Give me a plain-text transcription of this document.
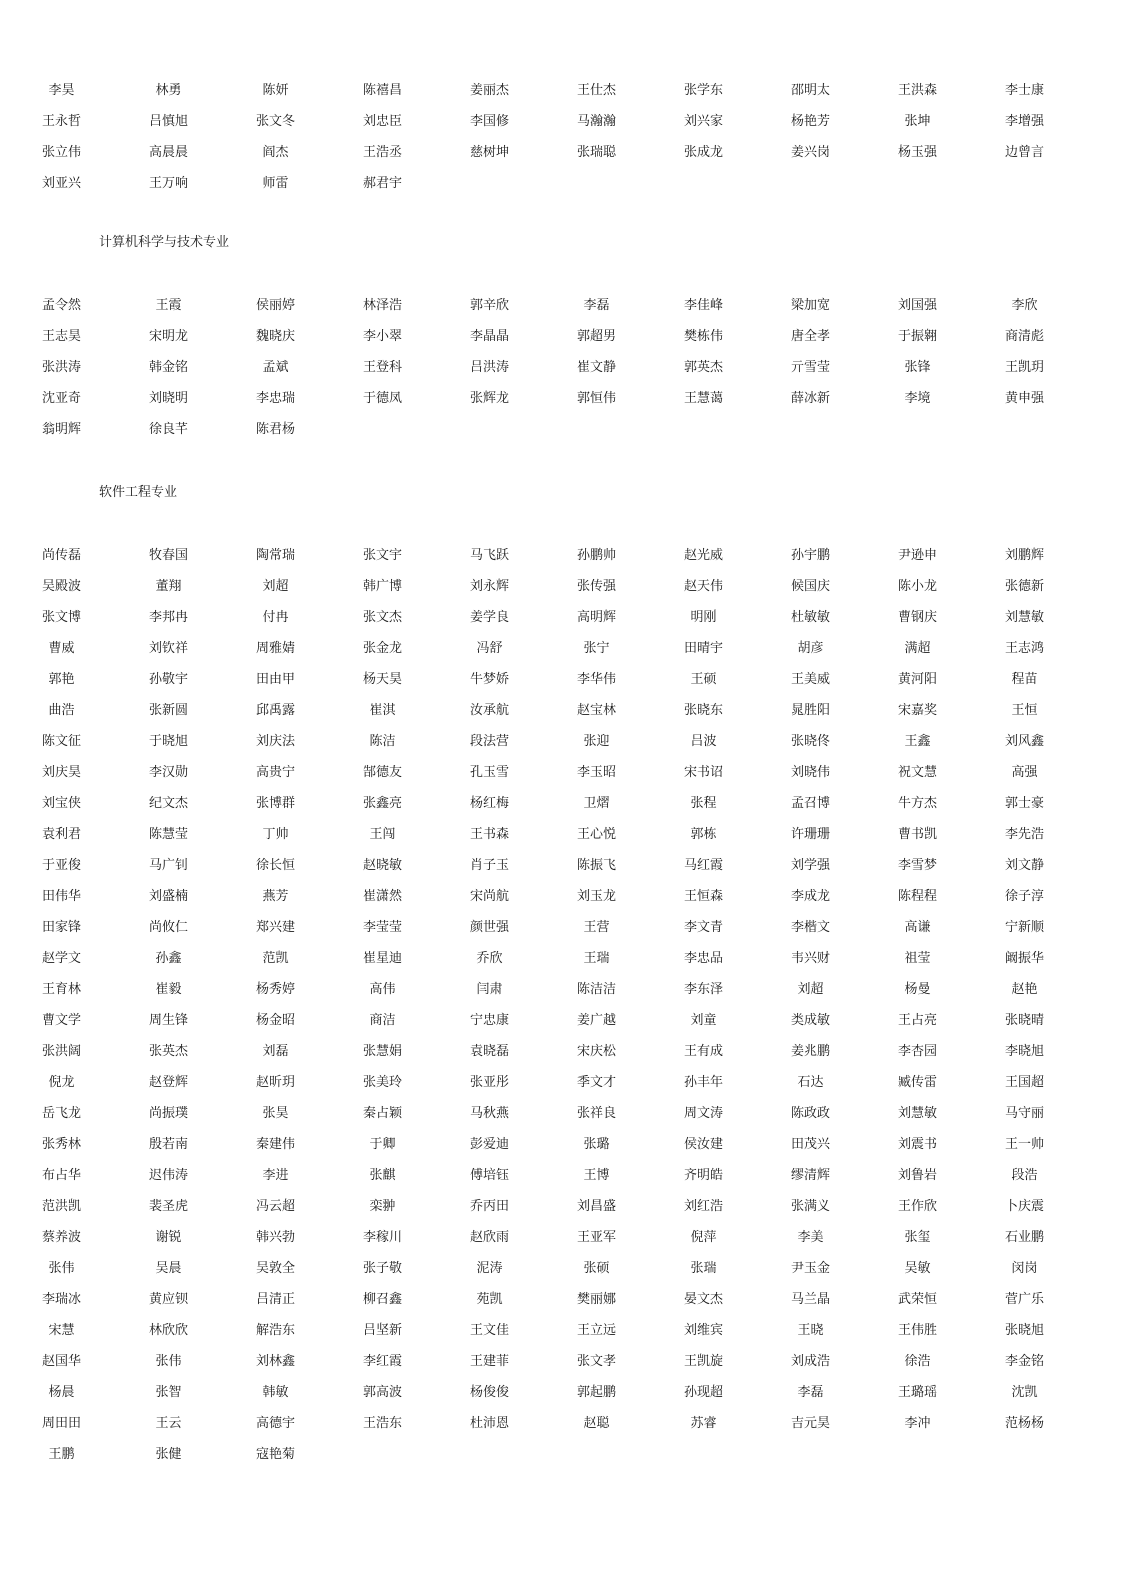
李昊	林勇	陈妍	陈禧昌	姜丽杰	王仕杰	张学东	邵明太	王洪森	李士康
王永哲	吕慎旭	张文冬	刘忠臣	李国修	马瀚瀚	刘兴家	杨艳芳	张坤	李增强
张立伟	高晨晨	阎杰	王浩丞	慈树坤	张瑞聪	张成龙	姜兴岗	杨玉强	边曾言
刘亚兴	王万响	师雷	郝君宇
计算机科学与技术专业
孟令然	王霞	侯丽婷	林泽浩	郭辛欣	李磊	李佳峰	梁加宽	刘国强	李欣
王志昊	宋明龙	魏晓庆	李小翠	李晶晶	郭超男	樊栋伟	唐全孝	于振翱	商清彪
张洪涛	韩金铭	孟斌	王登科	吕洪涛	崔文静	郭英杰	亓雪莹	张锋	王凯玥
沈亚奇	刘晓明	李忠瑞	于德凤	张辉龙	郭恒伟	王慧蔼	薛冰新	李境	黄申强
翁明辉	徐良芊	陈君杨
软件工程专业
尚传磊	牧春国	陶常瑞	张文宇	马飞跃	孙鹏帅	赵光威	孙宇鹏	尹逊申	刘鹏辉
吴殿波	董翔	刘超	韩广博	刘永辉	张传强	赵天伟	候国庆	陈小龙	张德新
张文博	李邦冉	付冉	张文杰	姜学良	高明辉	明刚	杜敏敏	曹钢庆	刘慧敏
曹威	刘钦祥	周雅婧	张金龙	冯舒	张宁	田晴宇	胡彦	满超	王志鸿
郭艳	孙敬宇	田由甲	杨天昊	牛梦娇	李华伟	王硕	王美威	黄河阳	程苗
曲浩	张新圆	邱禹露	崔淇	汝承航	赵宝林	张晓东	晁胜阳	宋嘉奖	王恒
陈文征	于晓旭	刘庆法	陈洁	段法营	张迎	吕波	张晓佟	王鑫	刘风鑫
刘庆昊	李汉勋	高贵宁	郜德友	孔玉雪	李玉昭	宋书诏	刘晓伟	祝文慧	高强
刘宝侠	纪文杰	张博群	张鑫亮	杨红梅	卫熠	张程	孟召博	牛方杰	郭士豪
袁利君	陈慧莹	丁帅	王闯	王书森	王心悦	郭栋	许珊珊	曹书凯	李先浩
于亚俊	马广钊	徐长恒	赵晓敏	肖子玉	陈振飞	马红霞	刘学强	李雪梦	刘文静
田伟华	刘盛楠	燕芳	崔潇然	宋尚航	刘玉龙	王恒森	李成龙	陈程程	徐子淳
田家锋	尚攸仁	郑兴建	李莹莹	颜世强	王营	李文青	李楷文	高谦	宁新顺
赵学文	孙鑫	范凯	崔星迪	乔欣	王瑞	李忠品	韦兴财	祖莹	阚振华
王育林	崔毅	杨秀婷	高伟	闫肃	陈洁洁	李东泽	刘超	杨曼	赵艳
曹文学	周生锋	杨金昭	商洁	宁忠康	姜广越	刘童	类成敏	王占亮	张晓晴
张洪阔	张英杰	刘磊	张慧娟	袁晓磊	宋庆松	王有成	姜兆鹏	李杏园	李晓旭
倪龙	赵登辉	赵昕玥	张美玲	张亚彤	季文才	孙丰年	石达	臧传雷	王国超
岳飞龙	尚振璞	张昊	秦占颖	马秋燕	张祥良	周文涛	陈政政	刘慧敏	马守丽
张秀林	殷若南	秦建伟	于卿	彭爱迪	张璐	侯汝建	田茂兴	刘震书	王一帅
布占华	迟伟涛	李进	张麒	傅培钰	王博	齐明皓	缪清辉	刘鲁岩	段浩
范洪凯	裴圣虎	冯云超	栾翀	乔丙田	刘昌盛	刘红浩	张满义	王作欣	卜庆震
蔡养波	谢锐	韩兴勃	李稼川	赵欣雨	王亚军	倪萍	李美	张玺	石业鹏
张伟	吴晨	吴敦全	张子敬	泥涛	张硕	张瑞	尹玉金	吴敏	闵岗
李瑞冰	黄应钡	吕清正	柳召鑫	苑凯	樊丽娜	晏文杰	马兰晶	武荣恒	菅广乐
宋慧	林欣欣	解浩东	吕坚新	王文佳	王立远	刘维宾	王晓	王伟胜	张晓旭
赵国华	张伟	刘林鑫	李红霞	王建菲	张文孝	王凯旋	刘成浩	徐浩	李金铭
杨晨	张智	韩敏	郭高波	杨俊俊	郭起鹏	孙现超	李磊	王璐瑶	沈凯
周田田	王云	高德宇	王浩东	杜沛恩	赵聪	苏睿	吉元昊	李冲	范杨杨
王鹏	张健	寇艳菊
